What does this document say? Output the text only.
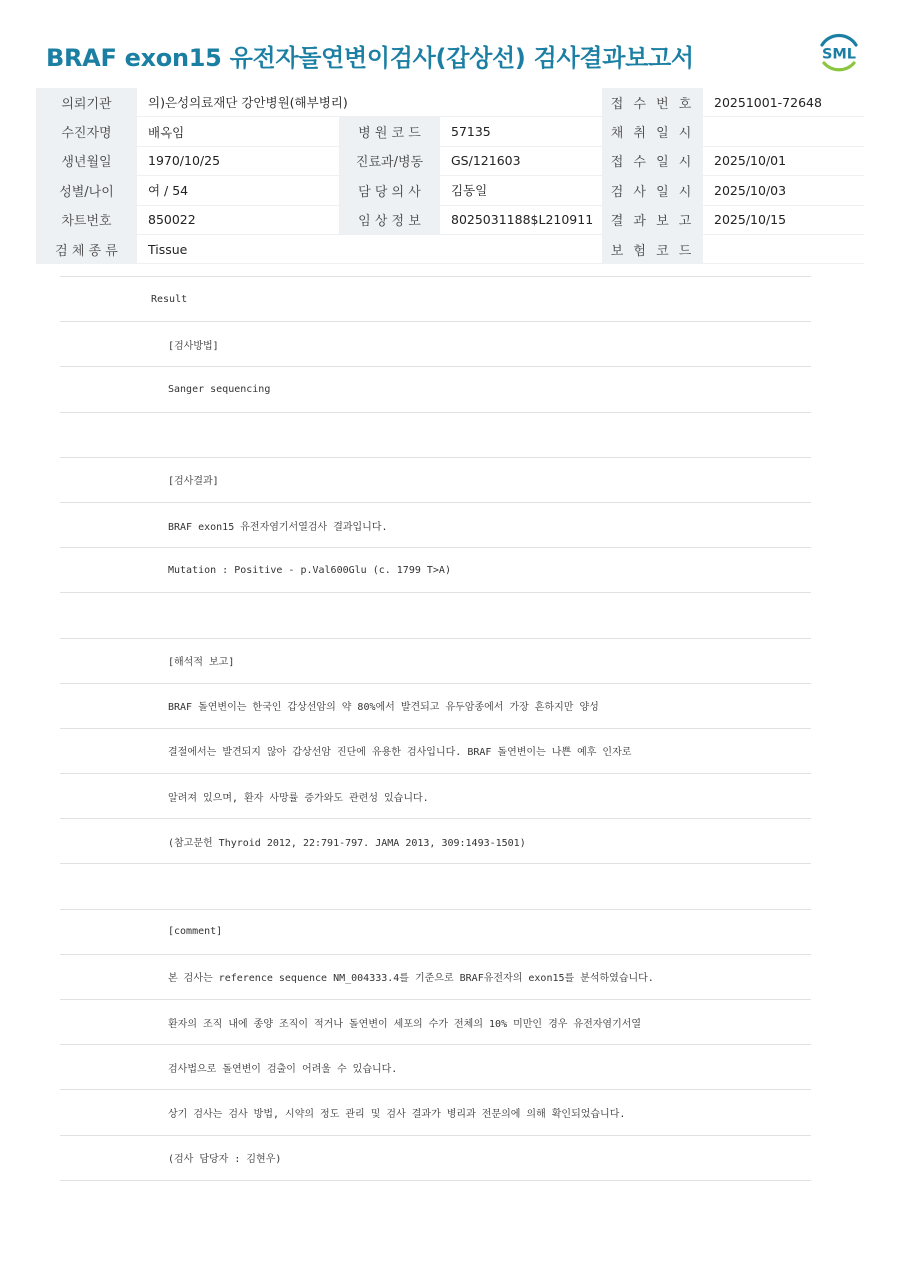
BRAF exon15 유전자돌연변이검사(갑상선) 검사결과보고서	SML
의뢰기관	의)은성의료재단 강안병원(해부병리)			접 수 번 호	20251001-72648
수진자명	배옥임	병 원 코 드	57135	채 취 일 시	
생년월일	1970/10/25	진료과/병동	GS/121603	접 수 일 시	2025/10/01
성별/나이	여 / 54	담 당 의 사	김동일	검 사 일 시	2025/10/03
차트번호	850022	임 상 정 보	8025031188$L210911	결 과 보 고	2025/10/15
검 체 종 류	Tissue			보 험 코 드	
Result
[검사방법]
Sanger sequencing
[검사결과]
BRAF exon15 유전자염기서열검사 결과입니다.
Mutation : Positive - p.Val600Glu (c. 1799 T>A)
[해석적 보고]
BRAF 돌연변이는 한국인 갑상선암의 약 80%에서 발견되고 유두암종에서 가장 흔하지만 양성
결절에서는 발견되지 않아 갑상선암 진단에 유용한 검사입니다. BRAF 돌연변이는 나쁜 예후 인자로
알려져 있으며, 환자 사망률 증가와도 관련성 있습니다.
(참고문헌 Thyroid 2012, 22:791-797. JAMA 2013, 309:1493-1501)
[comment]
본 검사는 reference sequence NM_004333.4를 기준으로 BRAF유전자의 exon15를 분석하였습니다.
환자의 조직 내에 종양 조직이 적거나 돌연변이 세포의 수가 전체의 10% 미만인 경우 유전자염기서열
검사법으로 돌연변이 검출이 어려울 수 있습니다.
상기 검사는 검사 방법, 시약의 정도 관리 및 검사 결과가 병리과 전문의에 의해 확인되었습니다.
(검사 담당자 : 김현우)
